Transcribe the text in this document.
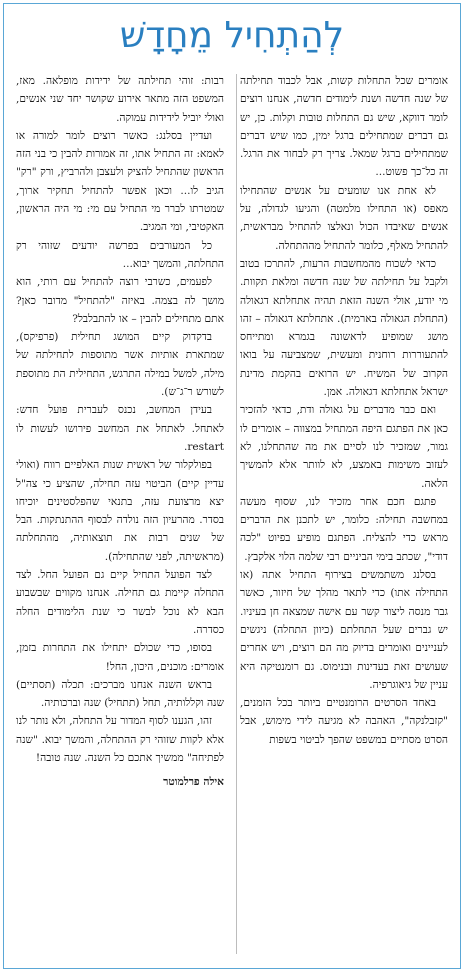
לְהַתְחִיל מֵחָדָשׁ

אומרים שכל התחלות קשות, אבל לכבוד תחילתה של שנה חדשה ושנת לימודים חדשה, אנחנו רוצים לומר דווקא, שיש גם התחלות טובות וקלות. כן, יש גם דברים שמתחילים ברגל ימין, כמו שיש דברים שמתחילים ברגל שמאל. צריך רק לבחור את הרגל. זה כל־כך פשוט...

לא אחת אנו שומעים על אנשים שהתחילו מאפס (או התחילו מלמטה) והגיעו לגדולה, על אנשים שאיבדו הכול ונאלצו להתחיל מבראשית, להתחיל מאלף, כלומר להתחיל מההתחלה.

כדאי לשכוח מהמחשבות הרעות, להתרכז בטוב ולקבל על תחילתה של שנה חדשה ומלאת תקוות. מי יודע, אולי השנה הזאת תהיה אתחלתא דגאולה (התחלת הגאולה בארמית). אתחלתא דגאולה – זהו מושג שמופיע לראשונה בגמרא ומתייחס להתעוררות רוחנית ומעשית, שמצביעה על בואו הקרוב של המשיח. יש הרואים בהקמת מדינת ישראל אתחלתא דגאולה. אמן.

ואם כבר מדברים על גאולה ודת, כדאי להזכיר כאן את הפתגם היפה המתחיל במצווה – אומרים לו גמור, שמזכיר לנו לסיים את מה שהתחלנו, לא לעזוב משימות באמצע, לא לוותר אלא להמשיך הלאה.

פתגם חכם אחר מזכיר לנו, שסוף מעשה במחשבה תחילה: כלומר, יש לתכנן את הדברים מראש כדי להצליח. הפתגם מופיע בפיוט "לכה דודי", שכתב בימי הביניים רבי שלמה הלוי אלקבץ.

בסלנג משתמשים בצירוף התחיל אתה (או התחילה אתו) כדי לתאר מהלך של חיזור, כאשר גבר מנסה ליצור קשר עם אישה שמצאה חן בעיניו. יש גברים שעל התחלתם (כיוון התחלה) ניגשים לעניינים ואומרים בדיוק מה הם רוצים, ויש אחרים שעושים זאת בעדינות ובנימוס. גם רומנטיקה היא עניין של גיאוגרפיה.

באחד הסרטים הרומנטיים ביותר בכל הזמנים, "קזבלנקה", האהבה לא מגיעה לידי מימוש, אבל הסרט מסתיים במשפט שהפך לביטוי בשפות

רבות: זוהי תחילתה של ידידות מופלאה. מאז, המשפט הזה מתאר אירוע שקושר יחד שני אנשים, ואולי יוביל לידידות עמוקה.

ועדיין בסלנג: כאשר רוצים לומר למורה או לאמא: זה התחיל אתו, זה אמורות להבין כי בני הזה הראשון שהתחיל להציק ולעצבן ולהרביץ, ורק "רק" הגיב לו... וכאן אפשר להתחיל תחקיר ארוך, שמטרתו לברר מי התחיל עם מי: מי היה הראשון, האקטיבי, ומי המגיב.

כל המעורבים בפרשה יודעים שזוהי רק התחלתה, והמשך יבוא...

לפעמים, כשרבי רוצה להתחיל עם רותי, הוא מושך לה בצמה. באיזה "להתחיל" מדובר כאן? אתם מתחילים להבין – או להתבלבל?

בדקדוק קיים המושג תחילית (פרפיקס), שמתארת אותיות אשר מתוספות לתחילתה של מילה, למשל במילה התרגש, התחילית הת מתוספת לשורש ר־ג־ש).

בעידן המחשב, נכנס לעברית פועל חדש: לאתחל. לאתחל את המחשב פירושו לעשות לו restart.

בפולקלור של ראשית שנות האלפיים רווח (ואולי עדיין קיים) הביטוי עזה תחילה, שהציע כי צה"ל יצא מרצועת עזה, בתנאי שהפלסטינים יוכיחו בסדר. מהרעיון הזה נולדה לבסוף ההתנתקות. הבל של שנים רבות את תוצאותיה, מהתחלתה (מראשיתה, לפני שהתחילה).

לצד הפועל התחיל קיים גם הפועל החל. לצד התחלה קיימת גם תחילה. אנחנו מקווים שבשבוע הבא לא נוכל לבשר כי שנת הלימודים החלה כסדרה.

בסופו, כדי שכולם יתחילו את התחרות בזמן, אומרים: מוכנים, היכון, החל!

בראש השנה אנחנו מברכים: תכלה (תסתיים) שנה וקללותיה, תחל (תתחיל) שנה וברכותיה.

זהו, הגענו לסוף המדור על התחלה, ולא נותר לנו אלא לקוות שזוהי רק ההתחלה, והמשך יבוא. "שנה לפתיחה" ממשיך אתכם כל השנה. שנה טובה!

אילה פרלמוטר
